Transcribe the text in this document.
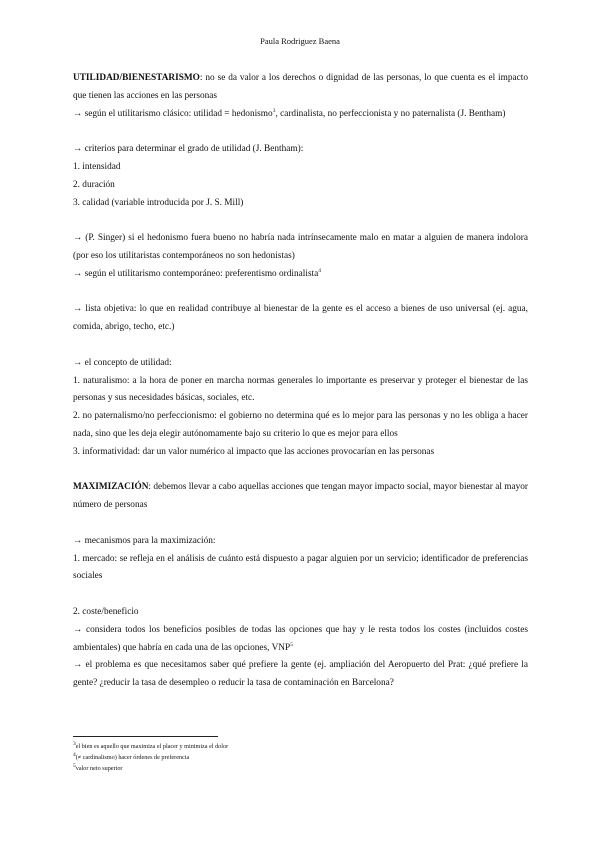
Paula Rodriguez Baena

UTILIDAD/BIENESTARISMO: no se da valor a los derechos o dignidad de las personas, lo que cuenta es el impacto que tienen las acciones en las personas

→ según el utilitarismo clásico: utilidad = hedonismo$^3$, cardinalista, no perfeccionista y no paternalista (J. Bentham)

→ criterios para determinar el grado de utilidad (J. Bentham):

1. intensidad

2. duración

3. calidad (variable introducida por J. S. Mill)

→ (P. Singer) si el hedonismo fuera bueno no habría nada intrínsecamente malo en matar a alguien de manera indolora (por eso los utilitaristas contemporáneos no son hedonistas)

→ según el utilitarismo contemporáneo: preferentismo ordinalista$^4$

→ lista objetiva: lo que en realidad contribuye al bienestar de la gente es el acceso a bienes de uso universal (ej. agua, comida, abrigo, techo, etc.)

→ el concepto de utilidad:

1. naturalismo: a la hora de poner en marcha normas generales lo importante es preservar y proteger el bienestar de las personas y sus necesidades básicas, sociales, etc.

2. no paternalismo/no perfeccionismo: el gobierno no determina qué es lo mejor para las personas y no les obliga a hacer nada, sino que les deja elegir autónomamente bajo su criterio lo que es mejor para ellos

3. informatividad: dar un valor numérico al impacto que las acciones provocarían en las personas

MAXIMIZACIÓN: debemos llevar a cabo aquellas acciones que tengan mayor impacto social, mayor bienestar al mayor número de personas

→ mecanismos para la maximización:

1. mercado: se refleja en el análisis de cuánto está dispuesto a pagar alguien por un servicio; identificador de preferencias sociales

2. coste/beneficio

→ considera todos los beneficios posibles de todas las opciones que hay y le resta todos los costes (incluidos costes ambientales) que habría en cada una de las opciones, VNP$^5$

→ el problema es que necesitamos saber qué prefiere la gente (ej. ampliación del Aeropuerto del Prat: ¿qué prefiere la gente? ¿reducir la tasa de desempleo o reducir la tasa de contaminación en Barcelona?

$^3$el bien es aquello que maximiza el placer y minimiza el dolor

$^4$(≠ cardinalismo) hacer órdenes de preferencia

$^5$valor neto superior
